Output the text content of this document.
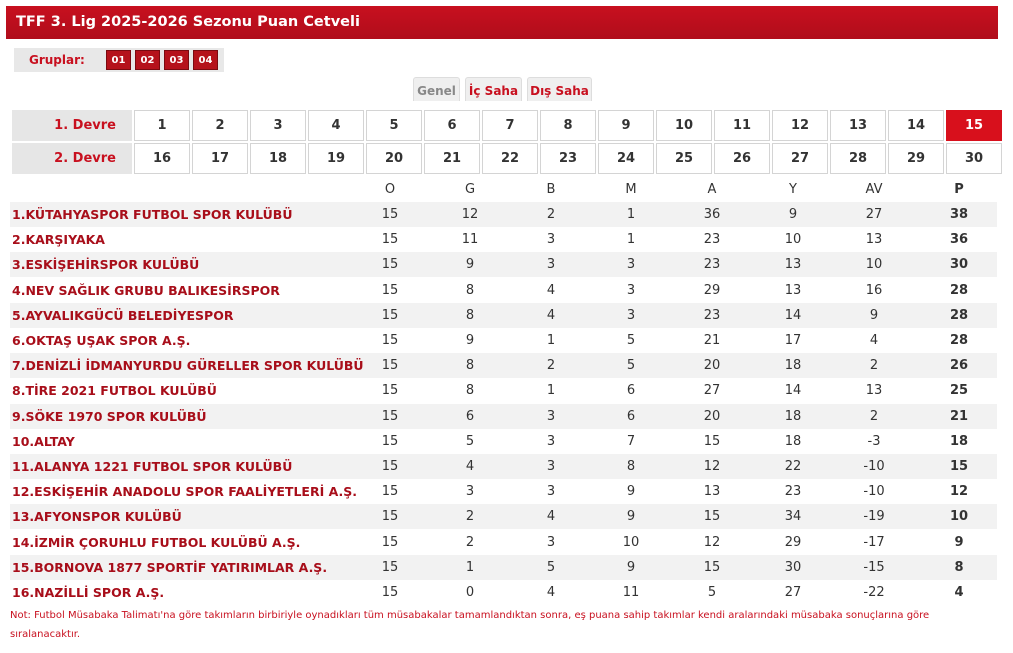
TFF 3. Lig 2025-2026 Sezonu Puan Cetveli
Gruplar:	01	02	03	04
Genel	İç Saha	Dış Saha
1. Devre	1	2	3	4	5	6	7	8	9	10	11	12	13	14	15
2. Devre	16	17	18	19	20	21	22	23	24	25	26	27	28	29	30
O	G	B	M	A	Y	AV	P
1.KÜTAHYASPOR FUTBOL SPOR KULÜBÜ	15	12	2	1	36	9	27	38
2.KARŞIYAKA	15	11	3	1	23	10	13	36
3.ESKİŞEHİRSPOR KULÜBÜ	15	9	3	3	23	13	10	30
4.NEV SAĞLIK GRUBU BALIKESİRSPOR	15	8	4	3	29	13	16	28
5.AYVALIKGÜCÜ BELEDİYESPOR	15	8	4	3	23	14	9	28
6.OKTAŞ UŞAK SPOR A.Ş.	15	9	1	5	21	17	4	28
7.DENİZLİ İDMANYURDU GÜRELLER SPOR KULÜBÜ	15	8	2	5	20	18	2	26
8.TİRE 2021 FUTBOL KULÜBÜ	15	8	1	6	27	14	13	25
9.SÖKE 1970 SPOR KULÜBÜ	15	6	3	6	20	18	2	21
10.ALTAY	15	5	3	7	15	18	-3	18
11.ALANYA 1221 FUTBOL SPOR KULÜBÜ	15	4	3	8	12	22	-10	15
12.ESKİŞEHİR ANADOLU SPOR FAALİYETLERİ A.Ş.	15	3	3	9	13	23	-10	12
13.AFYONSPOR KULÜBÜ	15	2	4	9	15	34	-19	10
14.İZMİR ÇORUHLU FUTBOL KULÜBÜ A.Ş.	15	2	3	10	12	29	-17	9
15.BORNOVA 1877 SPORTİF YATIRIMLAR A.Ş.	15	1	5	9	15	30	-15	8
16.NAZİLLİ SPOR A.Ş.	15	0	4	11	5	27	-22	4
Not: Futbol Müsabaka Talimatı'na göre takımların birbiriyle oynadıkları tüm müsabakalar tamamlandıktan sonra, eş puana sahip takımlar kendi aralarındaki müsabaka sonuçlarına göre sıralanacaktır.
